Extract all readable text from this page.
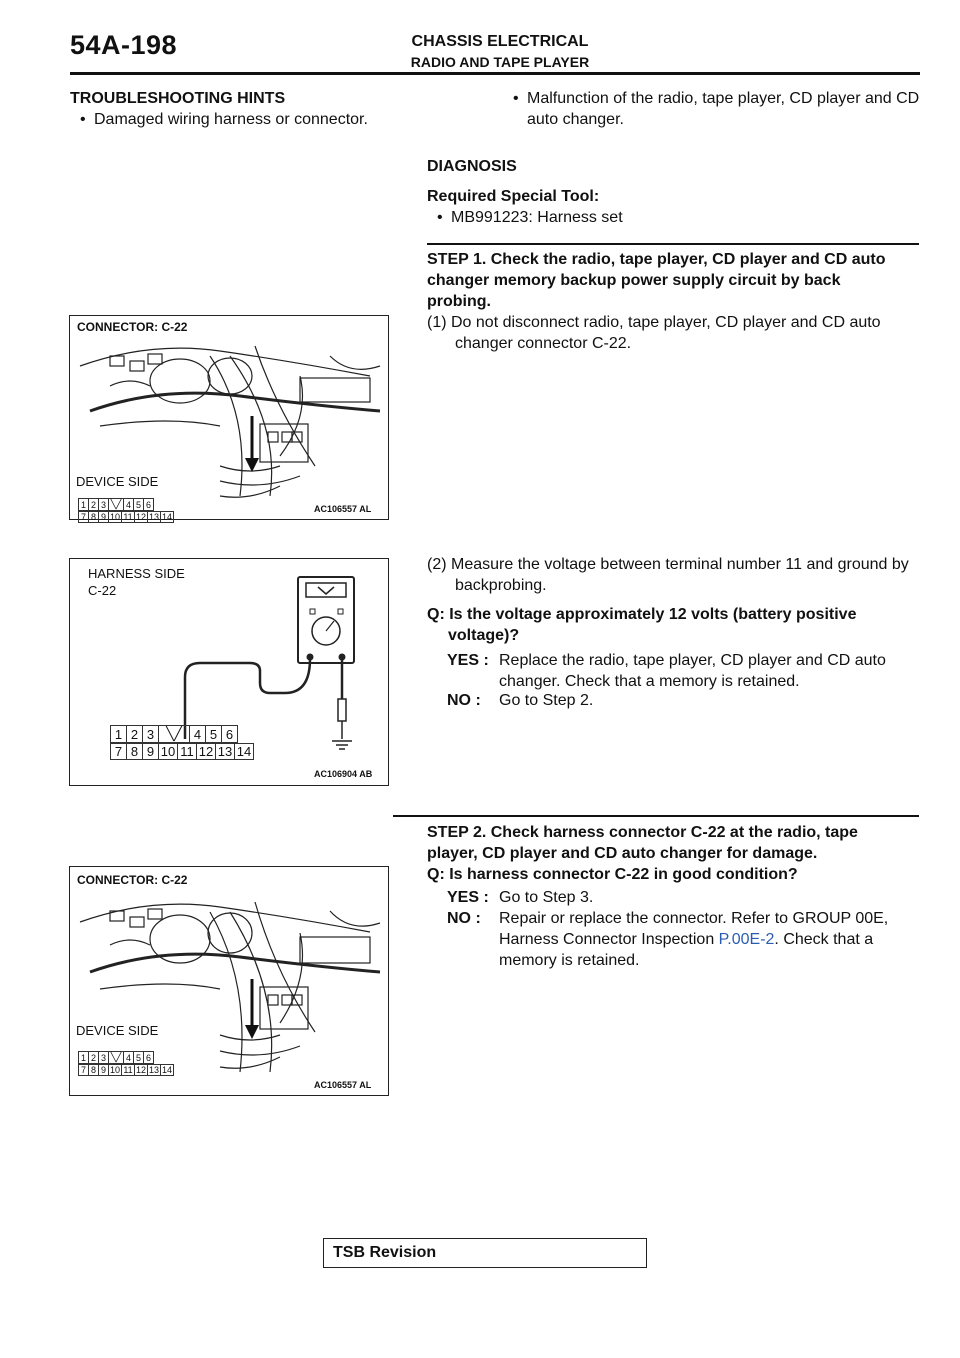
54A-198	CHASSIS ELECTRICAL
RADIO AND TAPE PLAYER
TROUBLESHOOTING HINTS
• Damaged wiring harness or connector.
• Malfunction of the radio, tape player, CD player and CD auto changer.
DIAGNOSIS
Required Special Tool:
• MB991223: Harness set
STEP 1. Check the radio, tape player, CD player and CD auto changer memory backup power supply circuit by back probing.
(1) Do not disconnect radio, tape player, CD player and CD auto changer connector C-22.
(2) Measure the voltage between terminal number 11 and ground by backprobing.
Q: Is the voltage approximately 12 volts (battery positive voltage)?
YES : Replace the radio, tape player, CD player and CD auto changer. Check that a memory is retained.
NO :	Go to Step 2.
STEP 2. Check harness connector C-22 at the radio, tape player, CD player and CD auto changer for damage.
Q: Is harness connector C-22 in good condition?
YES : Go to Step 3.
NO :	Repair or replace the connector. Refer to GROUP 00E, Harness Connector Inspection P.00E-2. Check that a memory is retained.
CONNECTOR: C-22
DEVICE SIDE
1	2	3	╲╱	4	5	6
7	8	9	10	11	12	13	14
AC106557 AL
HARNESS SIDE
C-22
1	2	3	╲╱	4	5	6
7	8	9	10	11	12	13	14
AC106904 AB
CONNECTOR: C-22
DEVICE SIDE
1	2	3	╲╱	4	5	6
7	8	9	10	11	12	13	14
AC106557 AL
TSB Revision
